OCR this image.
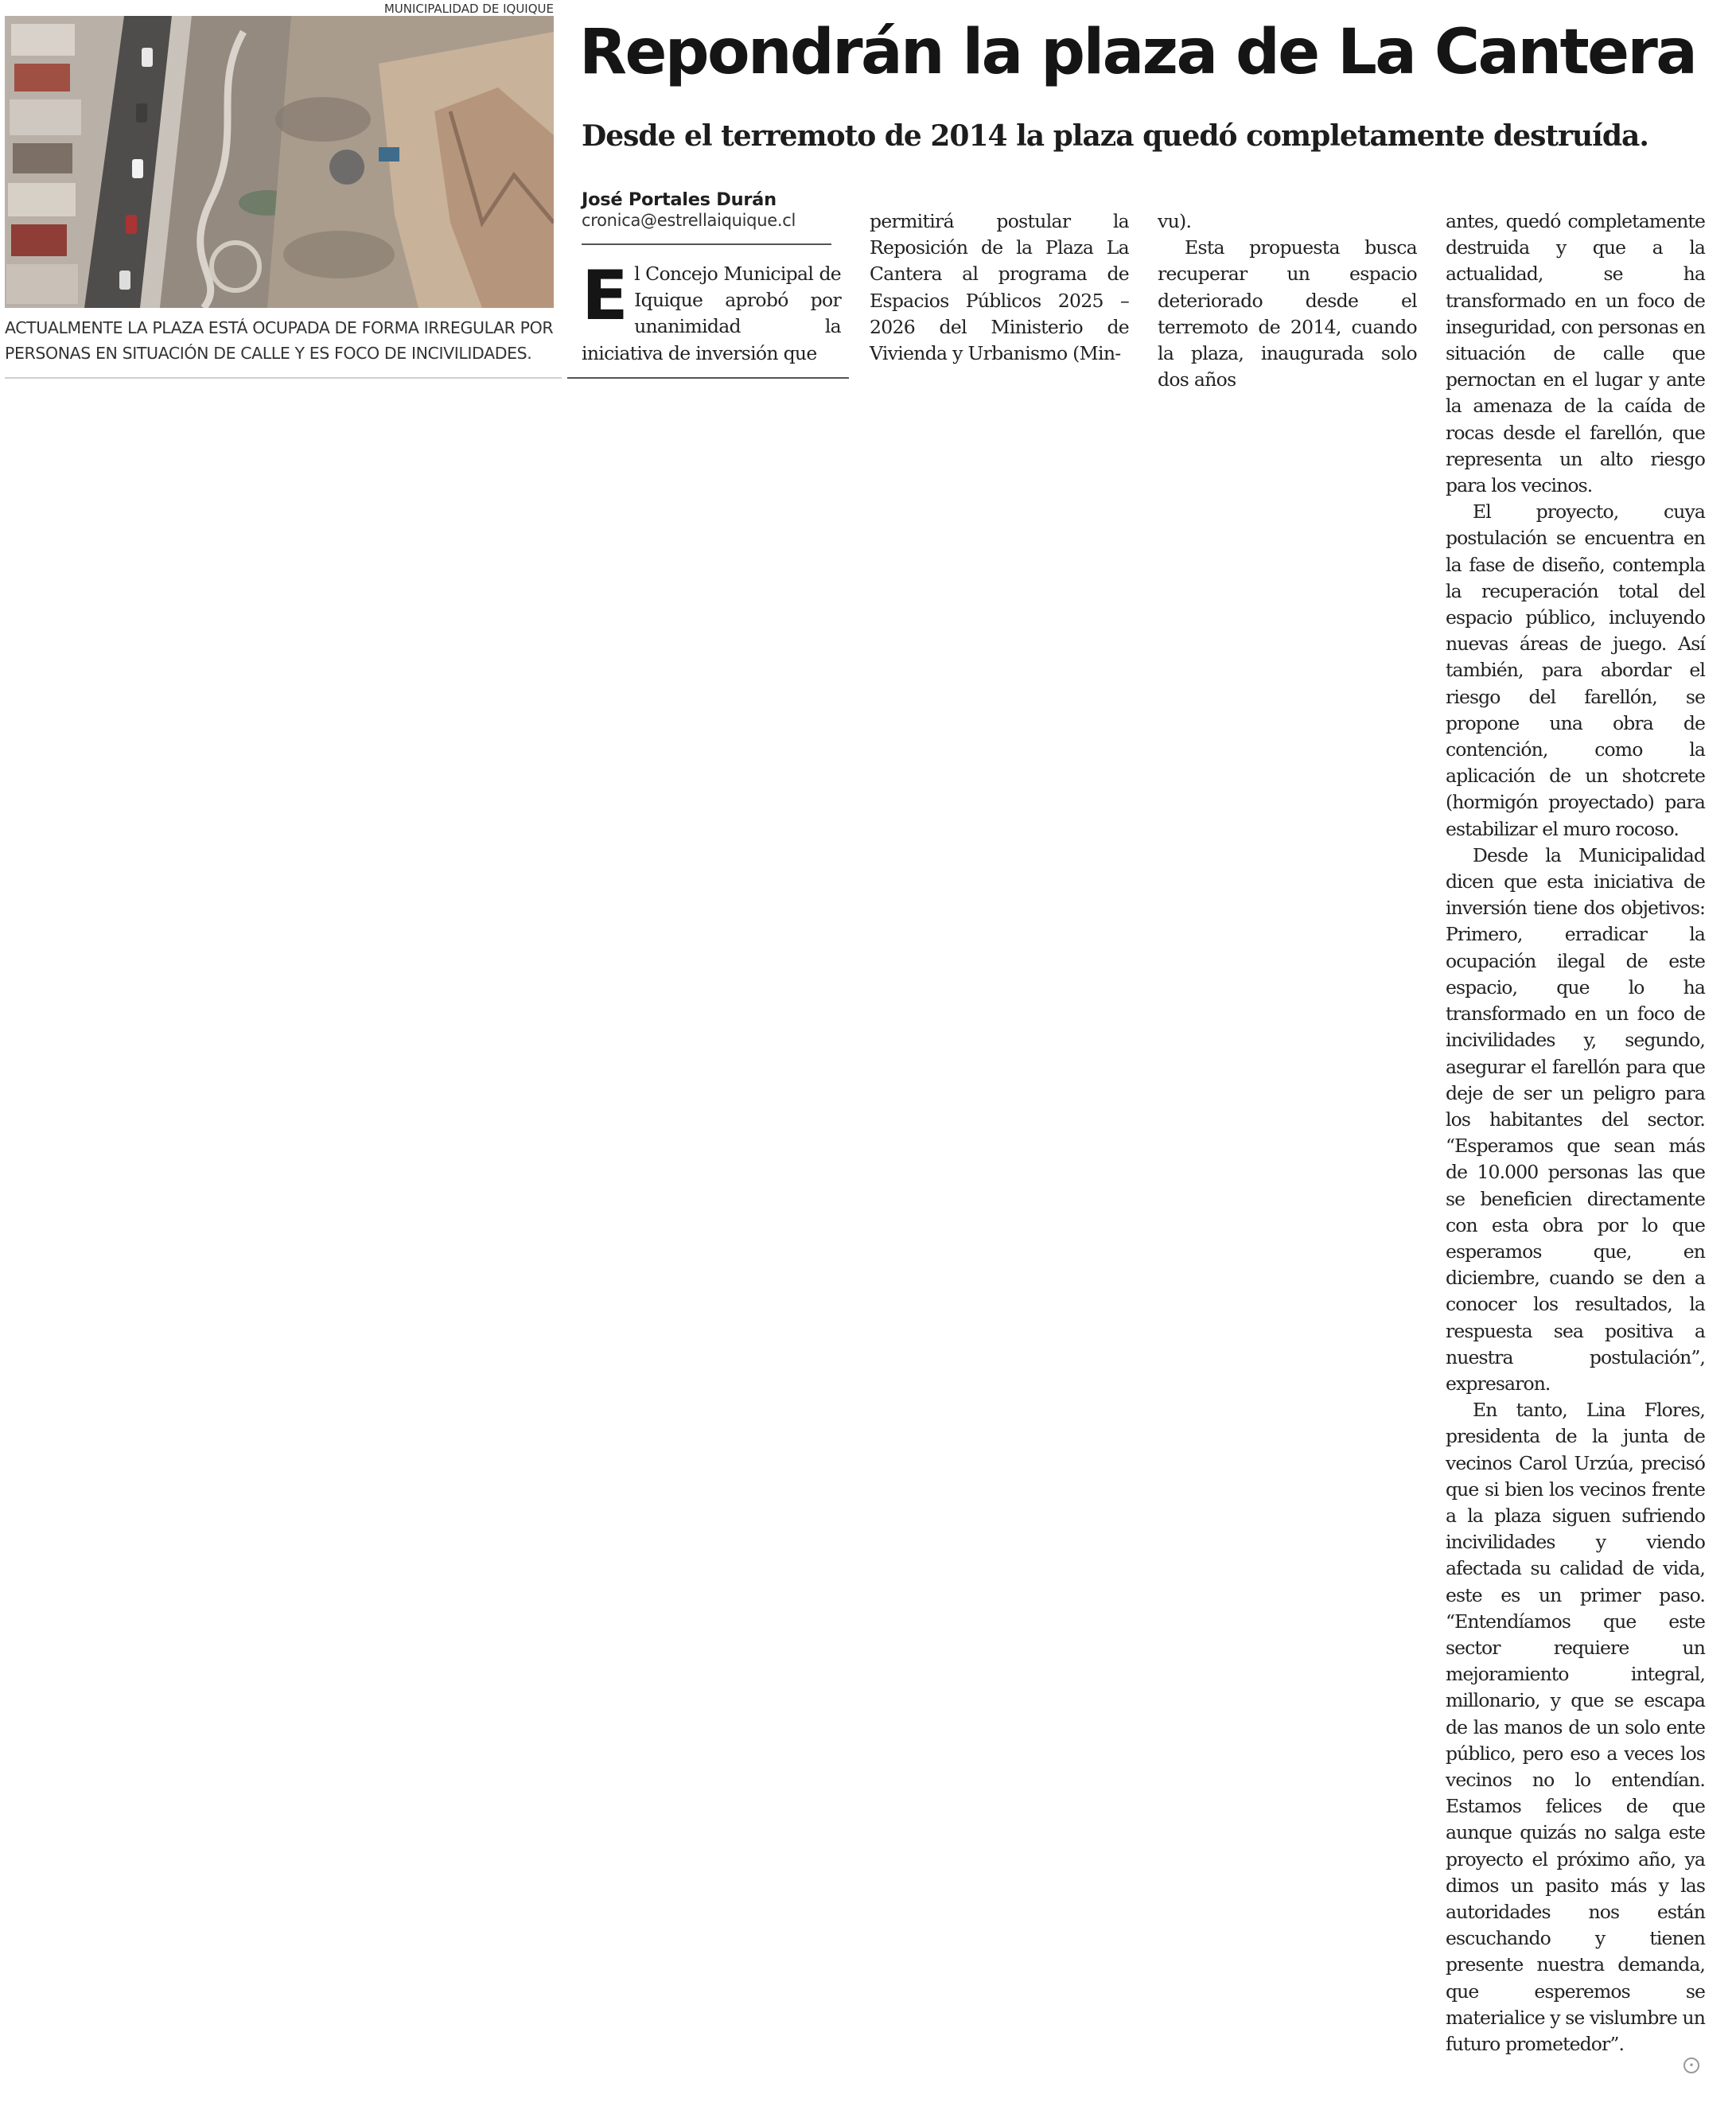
MUNICIPALIDAD DE IQUIQUE
ACTUALMENTE LA PLAZA ESTÁ OCUPADA DE FORMA IRREGULAR POR PERSONAS EN SITUACIÓN DE CALLE Y ES FOCO DE INCIVILIDADES.
Repondrán la plaza de La Cantera
Desde el terremoto de 2014 la plaza quedó completamente destruída.
José Portales Durán
cronica@estrellaiquique.cl

El Concejo Municipal de Iquique aprobó por unanimidad la iniciativa de inversión que

permitirá postular la Reposición de la Plaza La Cantera al programa de Espacios Públicos 2025 – 2026 del Ministerio de Vivienda y Urbanismo (Min-

vu).

Esta propuesta busca recuperar un espacio deteriorado desde el terremoto de 2014, cuando la plaza, inaugurada solo dos años

antes, quedó completamente destruida y que a la actualidad, se ha transformado en un foco de inseguridad, con personas en situación de calle que pernoctan en el lugar y ante la amenaza de la caída de rocas desde el farellón, que representa un alto riesgo para los vecinos.

El proyecto, cuya postulación se encuentra en la fase de diseño, contempla la recuperación total del espacio público, incluyendo nuevas áreas de juego. Así también, para abordar el riesgo del farellón, se propone una obra de contención, como la aplicación de un shotcrete (hormigón proyectado) para estabilizar el muro rocoso.

Desde la Municipalidad dicen que esta iniciativa de inversión tiene dos objetivos: Primero, erradicar la ocupación ilegal de este espacio, que lo ha transformado en un foco de incivilidades y, segundo, asegurar el farellón para que deje de ser un peligro para los habitantes del sector. “Esperamos que sean más de 10.000 personas las que se beneficien directamente con esta obra por lo que esperamos que, en diciembre, cuando se den a conocer los resultados, la respuesta sea positiva a nuestra postulación”, expresaron.

En tanto, Lina Flores, presidenta de la junta de vecinos Carol Urzúa, precisó que si bien los vecinos frente a la plaza siguen sufriendo incivilidades y viendo afectada su calidad de vida, este es un primer paso. “Entendíamos que este sector requiere un mejoramiento integral, millonario, y que se escapa de las manos de un solo ente público, pero eso a veces los vecinos no lo entendían. Estamos felices de que aunque quizás no salga este proyecto el próximo año, ya dimos un pasito más y las autoridades nos están escuchando y tienen presente nuestra demanda, que esperemos se materialice y se vislumbre un futuro prometedor”.

•
